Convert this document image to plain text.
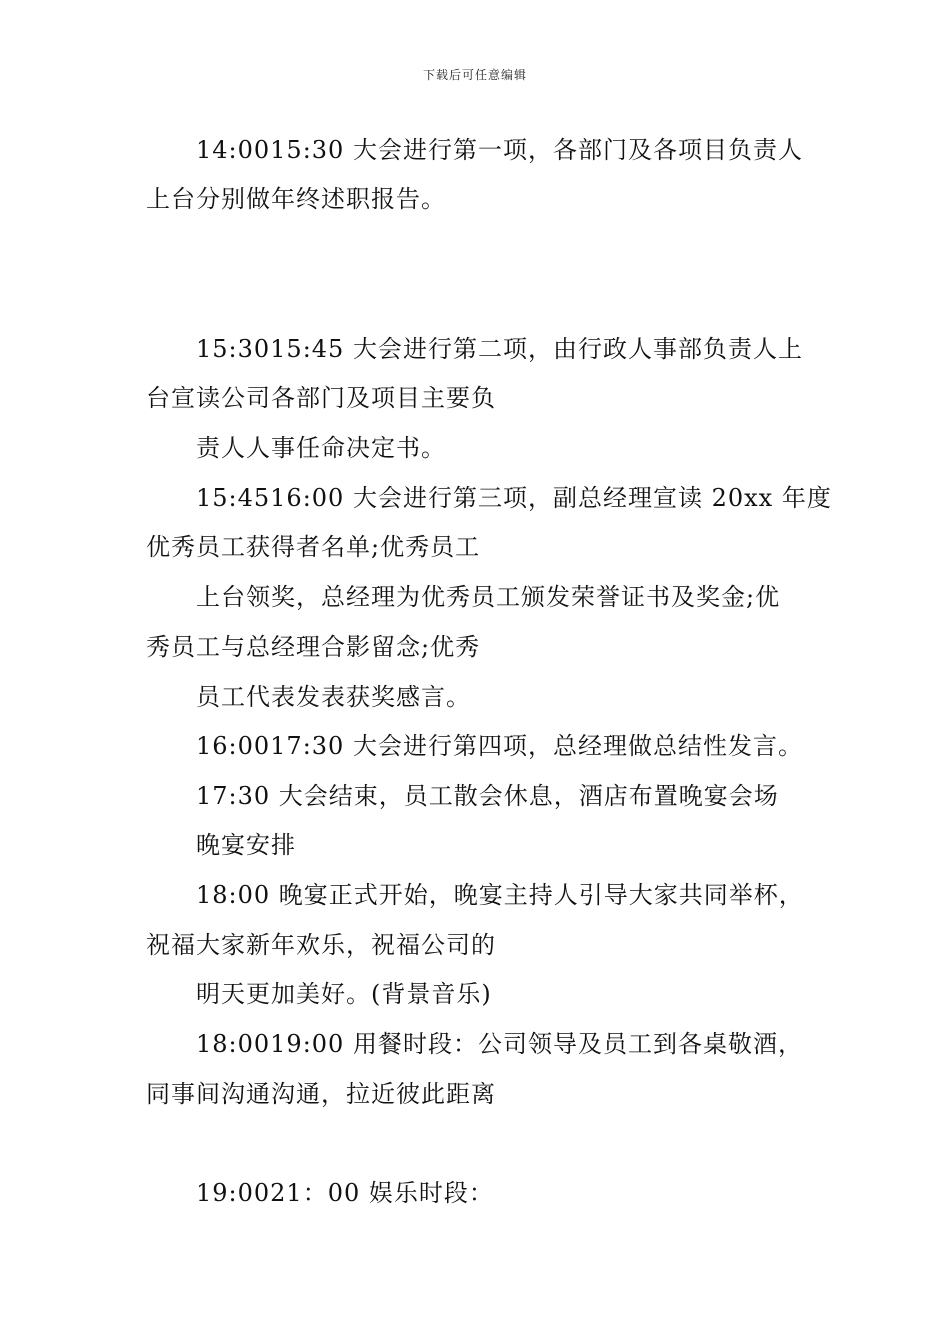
下载后可任意编辑
14:0015:30 大会进行第一项，各部门及各项目负责人
上台分别做年终述职报告。
15:3015:45 大会进行第二项，由行政人事部负责人上
台宣读公司各部门及项目主要负
责人人事任命决定书。
15:4516:00 大会进行第三项，副总经理宣读 20xx 年度
优秀员工获得者名单;优秀员工
上台领奖，总经理为优秀员工颁发荣誉证书及奖金;优
秀员工与总经理合影留念;优秀
员工代表发表获奖感言。
16:0017:30 大会进行第四项，总经理做总结性发言。
17:30 大会结束，员工散会休息，酒店布置晚宴会场
晚宴安排
18:00 晚宴正式开始，晚宴主持人引导大家共同举杯，
祝福大家新年欢乐，祝福公司的
明天更加美好。(背景音乐)
18:0019:00 用餐时段：公司领导及员工到各桌敬酒，
同事间沟通沟通，拉近彼此距离
19:0021：00 娱乐时段：
